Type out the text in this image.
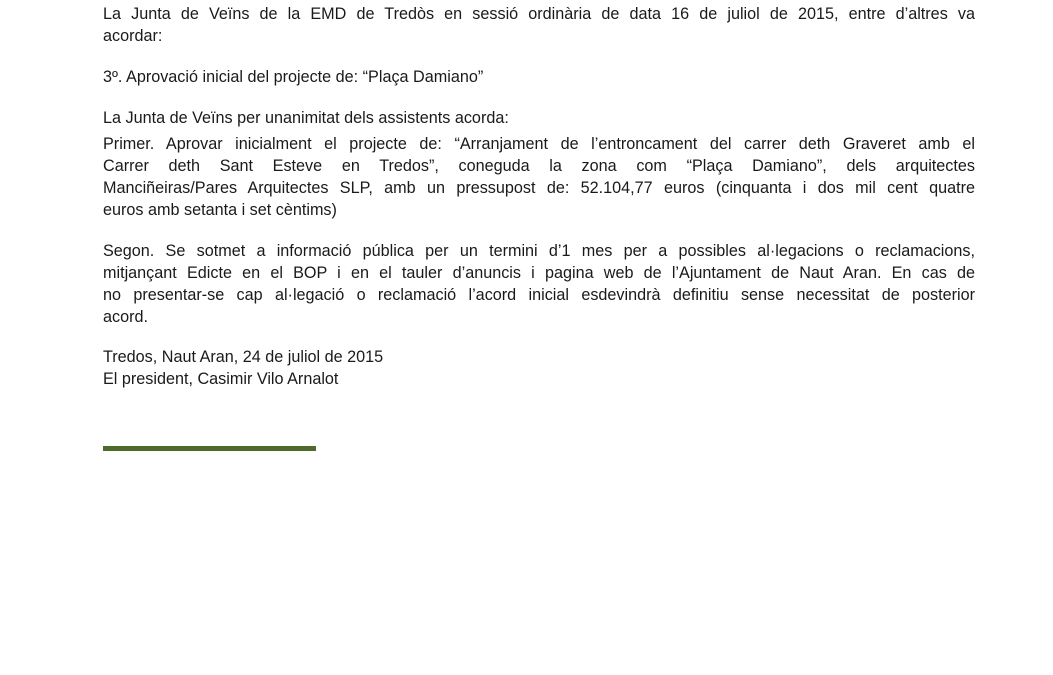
La Junta de Veïns de la EMD de Tredòs en sessió ordinària de data 16 de juliol de 2015, entre d’altres va
acordar:
3º. Aprovació inicial del projecte de: “Plaça Damiano”
La Junta de Veïns per unanimitat dels assistents acorda:
Primer. Aprovar inicialment el projecte de: “Arranjament de l’entroncament del carrer deth Graveret amb el
Carrer deth Sant Esteve en Tredos”, coneguda la zona com “Plaça Damiano”, dels arquitectes
Manciñeiras/Pares Arquitectes SLP, amb un pressupost de: 52.104,77 euros (cinquanta i dos mil cent quatre
euros amb setanta i set cèntims)
Segon. Se sotmet a informació pública per un termini d’1 mes per a possibles al·legacions o reclamacions,
mitjançant Edicte en el BOP i en el tauler d’anuncis i pagina web de l’Ajuntament de Naut Aran. En cas de
no presentar-se cap al·legació o reclamació l’acord inicial esdevindrà definitiu sense necessitat de posterior
acord.
Tredos, Naut Aran, 24 de juliol de 2015
El president, Casimir Vilo Arnalot
